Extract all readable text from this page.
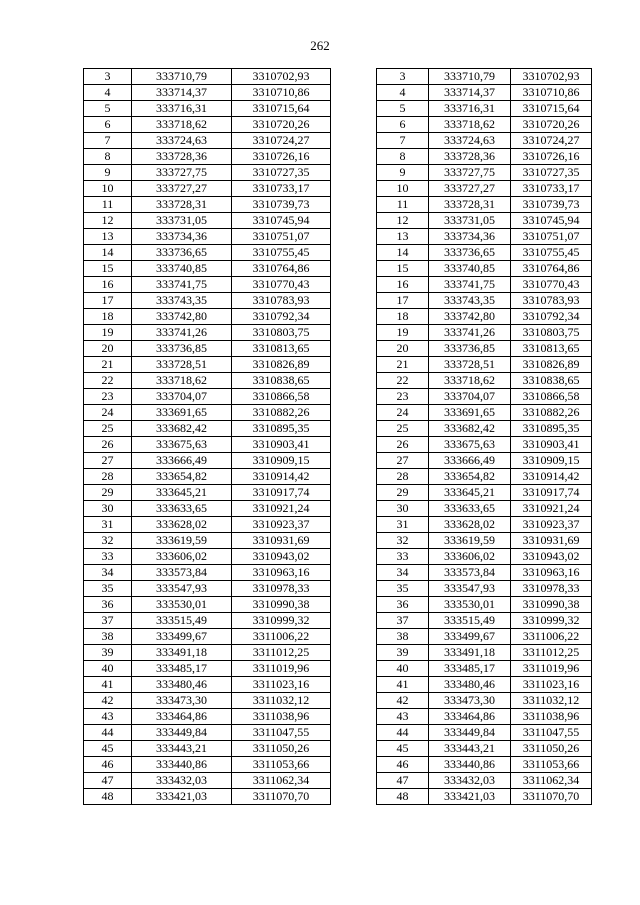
262
3	333710,79	3310702,93
4	333714,37	3310710,86
5	333716,31	3310715,64
6	333718,62	3310720,26
7	333724,63	3310724,27
8	333728,36	3310726,16
9	333727,75	3310727,35
10	333727,27	3310733,17
11	333728,31	3310739,73
12	333731,05	3310745,94
13	333734,36	3310751,07
14	333736,65	3310755,45
15	333740,85	3310764,86
16	333741,75	3310770,43
17	333743,35	3310783,93
18	333742,80	3310792,34
19	333741,26	3310803,75
20	333736,85	3310813,65
21	333728,51	3310826,89
22	333718,62	3310838,65
23	333704,07	3310866,58
24	333691,65	3310882,26
25	333682,42	3310895,35
26	333675,63	3310903,41
27	333666,49	3310909,15
28	333654,82	3310914,42
29	333645,21	3310917,74
30	333633,65	3310921,24
31	333628,02	3310923,37
32	333619,59	3310931,69
33	333606,02	3310943,02
34	333573,84	3310963,16
35	333547,93	3310978,33
36	333530,01	3310990,38
37	333515,49	3310999,32
38	333499,67	3311006,22
39	333491,18	3311012,25
40	333485,17	3311019,96
41	333480,46	3311023,16
42	333473,30	3311032,12
43	333464,86	3311038,96
44	333449,84	3311047,55
45	333443,21	3311050,26
46	333440,86	3311053,66
47	333432,03	3311062,34
48	333421,03	3311070,70
3	333710,79	3310702,93
4	333714,37	3310710,86
5	333716,31	3310715,64
6	333718,62	3310720,26
7	333724,63	3310724,27
8	333728,36	3310726,16
9	333727,75	3310727,35
10	333727,27	3310733,17
11	333728,31	3310739,73
12	333731,05	3310745,94
13	333734,36	3310751,07
14	333736,65	3310755,45
15	333740,85	3310764,86
16	333741,75	3310770,43
17	333743,35	3310783,93
18	333742,80	3310792,34
19	333741,26	3310803,75
20	333736,85	3310813,65
21	333728,51	3310826,89
22	333718,62	3310838,65
23	333704,07	3310866,58
24	333691,65	3310882,26
25	333682,42	3310895,35
26	333675,63	3310903,41
27	333666,49	3310909,15
28	333654,82	3310914,42
29	333645,21	3310917,74
30	333633,65	3310921,24
31	333628,02	3310923,37
32	333619,59	3310931,69
33	333606,02	3310943,02
34	333573,84	3310963,16
35	333547,93	3310978,33
36	333530,01	3310990,38
37	333515,49	3310999,32
38	333499,67	3311006,22
39	333491,18	3311012,25
40	333485,17	3311019,96
41	333480,46	3311023,16
42	333473,30	3311032,12
43	333464,86	3311038,96
44	333449,84	3311047,55
45	333443,21	3311050,26
46	333440,86	3311053,66
47	333432,03	3311062,34
48	333421,03	3311070,70
